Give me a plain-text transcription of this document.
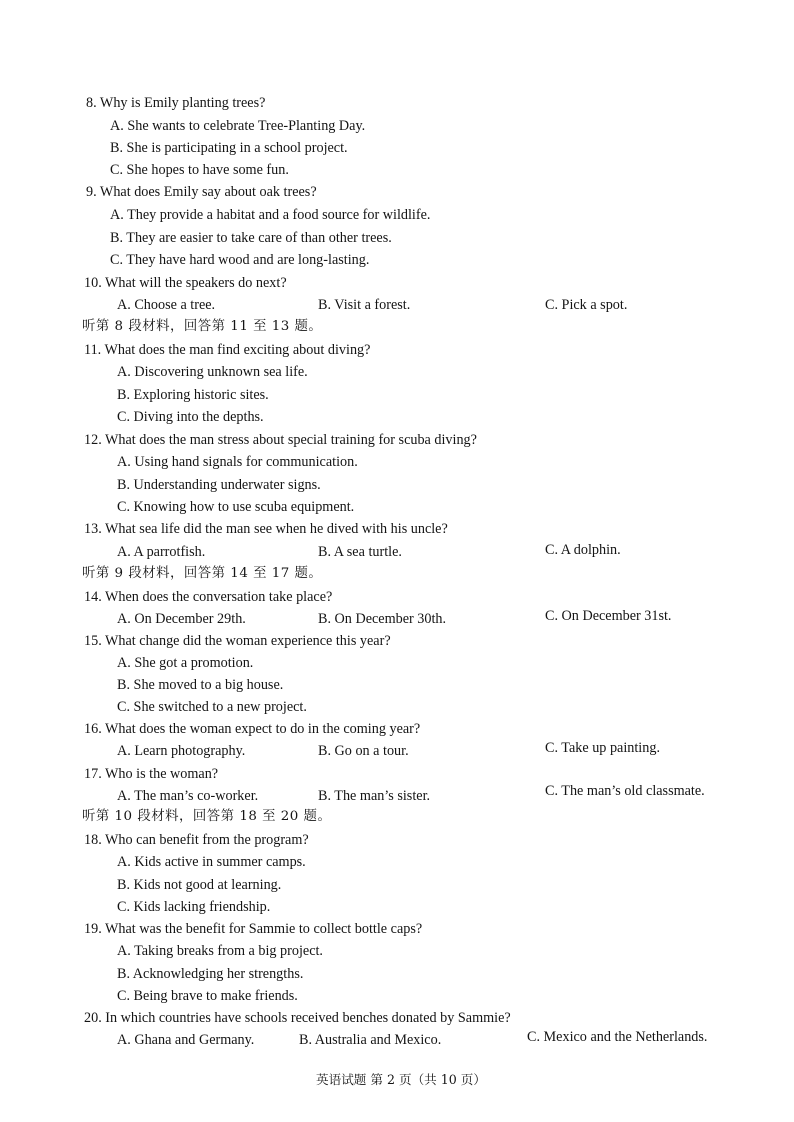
8. Why is Emily planting trees?
A. She wants to celebrate Tree-Planting Day.
B. She is participating in a school project.
C. She hopes to have some fun.
9. What does Emily say about oak trees?
A. They provide a habitat and a food source for wildlife.
B. They are easier to take care of than other trees.
C. They have hard wood and are long-lasting.
10. What will the speakers do next?
A. Choose a tree.	B. Visit a forest.	C. Pick a spot.
听第 8 段材料，回答第 11 至 13 题。
11. What does the man find exciting about diving?
A. Discovering unknown sea life.
B. Exploring historic sites.
C. Diving into the depths.
12. What does the man stress about special training for scuba diving?
A. Using hand signals for communication.
B. Understanding underwater signs.
C. Knowing how to use scuba equipment.
13. What sea life did the man see when he dived with his uncle?
A. A parrotfish.	B. A sea turtle.	C. A dolphin.
听第 9 段材料，回答第 14 至 17 题。
14. When does the conversation take place?
A. On December 29th.	B. On December 30th.	C. On December 31st.
15. What change did the woman experience this year?
A. She got a promotion.
B. She moved to a big house.
C. She switched to a new project.
16. What does the woman expect to do in the coming year?
A. Learn photography.	B. Go on a tour.	C. Take up painting.
17. Who is the woman?
A. The man’s co-worker.	B. The man’s sister.	C. The man’s old classmate.
听第 10 段材料，回答第 18 至 20 题。
18. Who can benefit from the program?
A. Kids active in summer camps.
B. Kids not good at learning.
C. Kids lacking friendship.
19. What was the benefit for Sammie to collect bottle caps?
A. Taking breaks from a big project.
B. Acknowledging her strengths.
C. Being brave to make friends.
20. In which countries have schools received benches donated by Sammie?
A. Ghana and Germany.	B. Australia and Mexico.	C. Mexico and the Netherlands.
英语试题 第 2 页（共 10 页）
